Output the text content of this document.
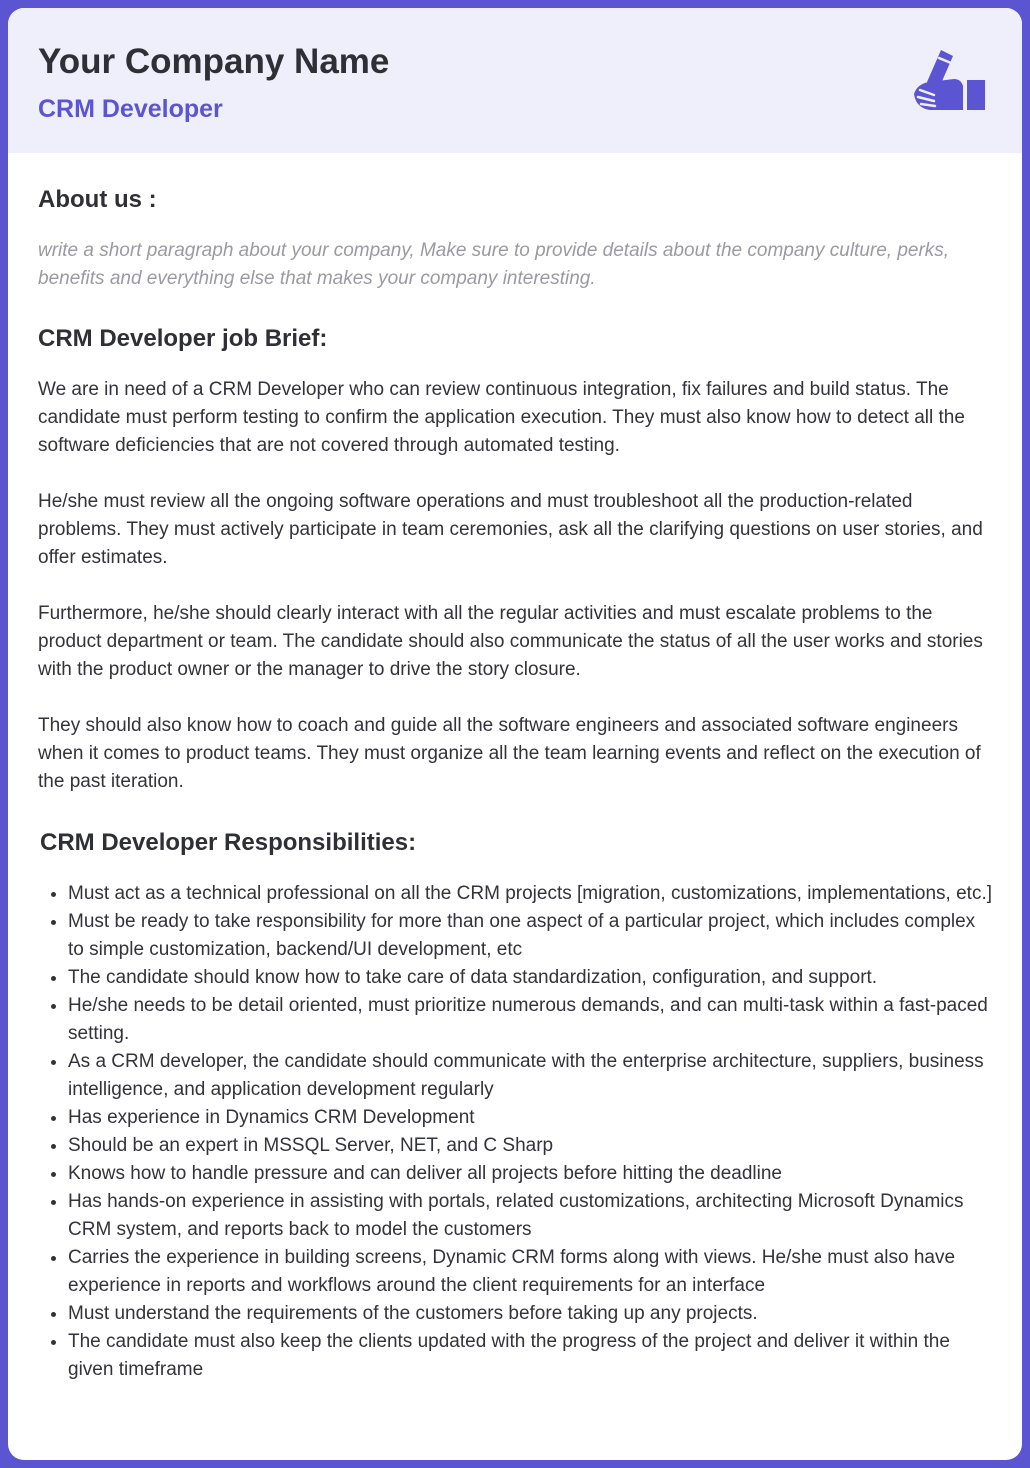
Your Company Name
CRM Developer
About us :

write a short paragraph about your company, Make sure to provide details about the company culture, perks, benefits and everything else that makes your company interesting.

CRM Developer job Brief:

We are in need of a CRM Developer who can review continuous integration, fix failures and build status. The candidate must perform testing to confirm the application execution. They must also know how to detect all the software deficiencies that are not covered through automated testing.

He/she must review all the ongoing software operations and must troubleshoot all the production-related problems. They must actively participate in team ceremonies, ask all the clarifying questions on user stories, and offer estimates.

Furthermore, he/she should clearly interact with all the regular activities and must escalate problems to the product department or team. The candidate should also communicate the status of all the user works and stories with the product owner or the manager to drive the story closure.

They should also know how to coach and guide all the software engineers and associated software engineers when it comes to product teams. They must organize all the team learning events and reflect on the execution of the past iteration.

CRM Developer Responsibilities:
• Must act as a technical professional on all the CRM projects [migration, customizations, implementations, etc.]
• Must be ready to take responsibility for more than one aspect of a particular project, which includes complex to simple customization, backend/UI development, etc
• The candidate should know how to take care of data standardization, configuration, and support.
• He/she needs to be detail oriented, must prioritize numerous demands, and can multi-task within a fast-paced setting.
• As a CRM developer, the candidate should communicate with the enterprise architecture, suppliers, business intelligence, and application development regularly
• Has experience in Dynamics CRM Development
• Should be an expert in MSSQL Server, NET, and C Sharp
• Knows how to handle pressure and can deliver all projects before hitting the deadline
• Has hands-on experience in assisting with portals, related customizations, architecting Microsoft Dynamics CRM system, and reports back to model the customers
• Carries the experience in building screens, Dynamic CRM forms along with views. He/she must also have experience in reports and workflows around the client requirements for an interface
• Must understand the requirements of the customers before taking up any projects.
• The candidate must also keep the clients updated with the progress of the project and deliver it within the given timeframe
